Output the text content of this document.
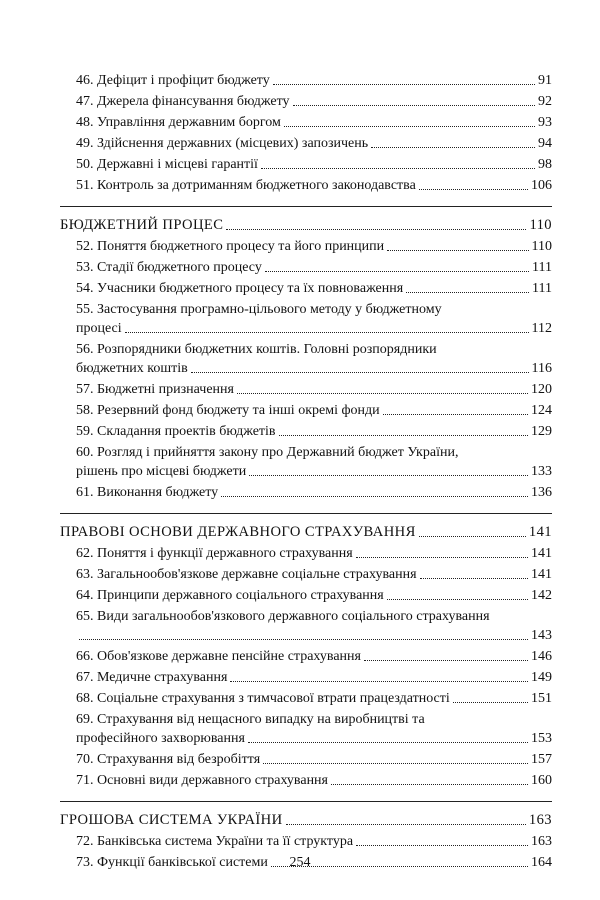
46. Дефіцит і профіцит бюджету	91
47. Джерела фінансування бюджету	92
48. Управління державним боргом	93
49. Здійснення державних (місцевих) запозичень	94
50. Державні і місцеві гарантії	98
51. Контроль за дотриманням бюджетного законодавства	106
БЮДЖЕТНИЙ ПРОЦЕС	110
52. Поняття бюджетного процесу та його принципи	110
53. Стадії бюджетного процесу	111
54. Учасники бюджетного процесу та їх повноваження	111
55. Застосування програмно-цільового методу у бюджетному
процесі	112
56. Розпорядники бюджетних коштів. Головні розпорядники
бюджетних коштів	116
57. Бюджетні призначення	120
58. Резервний фонд бюджету та інші окремі фонди	124
59. Складання проектів бюджетів	129
60. Розгляд і прийняття закону про Державний бюджет України,
рішень про місцеві бюджети	133
61. Виконання бюджету	136
ПРАВОВІ ОСНОВИ ДЕРЖАВНОГО СТРАХУВАННЯ	141
62. Поняття і функції державного страхування	141
63. Загальнообов'язкове державне соціальне страхування	141
64. Принципи державного соціального страхування	142
65. Види загальнообов'язкового державного соціального страхування
143
66. Обов'язкове державне пенсійне страхування	146
67. Медичне страхування	149
68. Соціальне страхування з тимчасової втрати працездатності	151
69. Страхування від нещасного випадку на виробництві та
професійного захворювання	153
70. Страхування від безробіття	157
71. Основні види державного страхування	160
ГРОШОВА СИСТЕМА УКРАЇНИ	163
72. Банківська система України та її структура	163
73. Функції банківської системи	164
254
